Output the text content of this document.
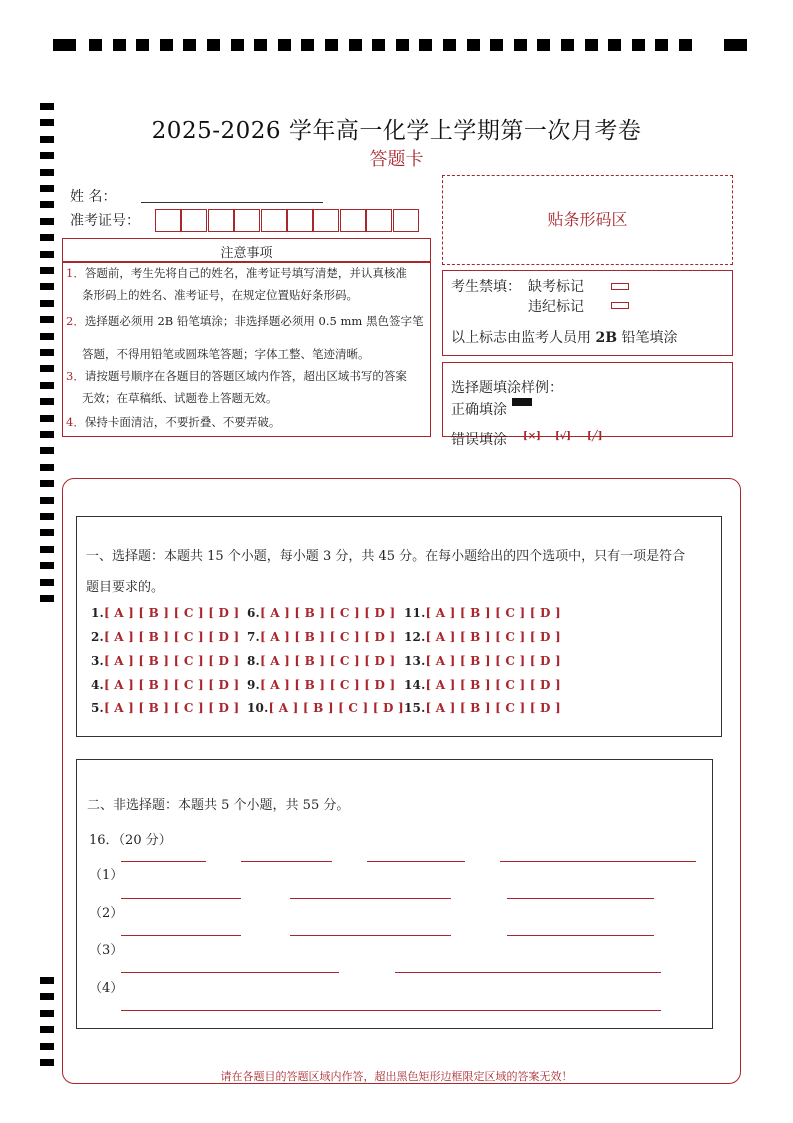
2025-2026 学年高一化学上学期第一次月考卷
答题卡
姓 名：
准考证号：	贴条形码区
注意事项
1．答题前，考生先将自己的姓名，准考证号填写清楚，并认真核准
条形码上的姓名、准考证号，在规定位置贴好条形码。
2．选择题必须用 2B 铅笔填涂；非选择题必须用 0.5 mm 黑色签字笔
答题，不得用铅笔或圆珠笔答题；字体工整、笔迹清晰。
3．请按题号顺序在各题目的答题区域内作答，超出区域书写的答案
无效；在草稿纸、试题卷上答题无效。
4．保持卡面清洁，不要折叠、不要弄破。
考生禁填： 缺考标记
违纪标记
以上标志由监考人员用 2B 铅笔填涂
选择题填涂样例：
正确填涂
错误填涂 [×] [√] [╱]
一、选择题：本题共 15 个小题，每小题 3 分，共 45 分。在每小题给出的四个选项中，只有一项是符合
题目要求的。
1.[ A ] [ B ] [ C ] [ D ]
2.[ A ] [ B ] [ C ] [ D ]
3.[ A ] [ B ] [ C ] [ D ]
4.[ A ] [ B ] [ C ] [ D ]
5.[ A ] [ B ] [ C ] [ D ]
6.[ A ] [ B ] [ C ] [ D ]
7.[ A ] [ B ] [ C ] [ D ]
8.[ A ] [ B ] [ C ] [ D ]
9.[ A ] [ B ] [ C ] [ D ]
10.[ A ] [ B ] [ C ] [ D ]
11.[ A ] [ B ] [ C ] [ D ]
12.[ A ] [ B ] [ C ] [ D ]
13.[ A ] [ B ] [ C ] [ D ]
14.[ A ] [ B ] [ C ] [ D ]
15.[ A ] [ B ] [ C ] [ D ]
二、非选择题：本题共 5 个小题，共 55 分。
16．（20 分）
（1）
（2）
（3）
（4）
请在各题目的答题区域内作答，超出黑色矩形边框限定区域的答案无效！
